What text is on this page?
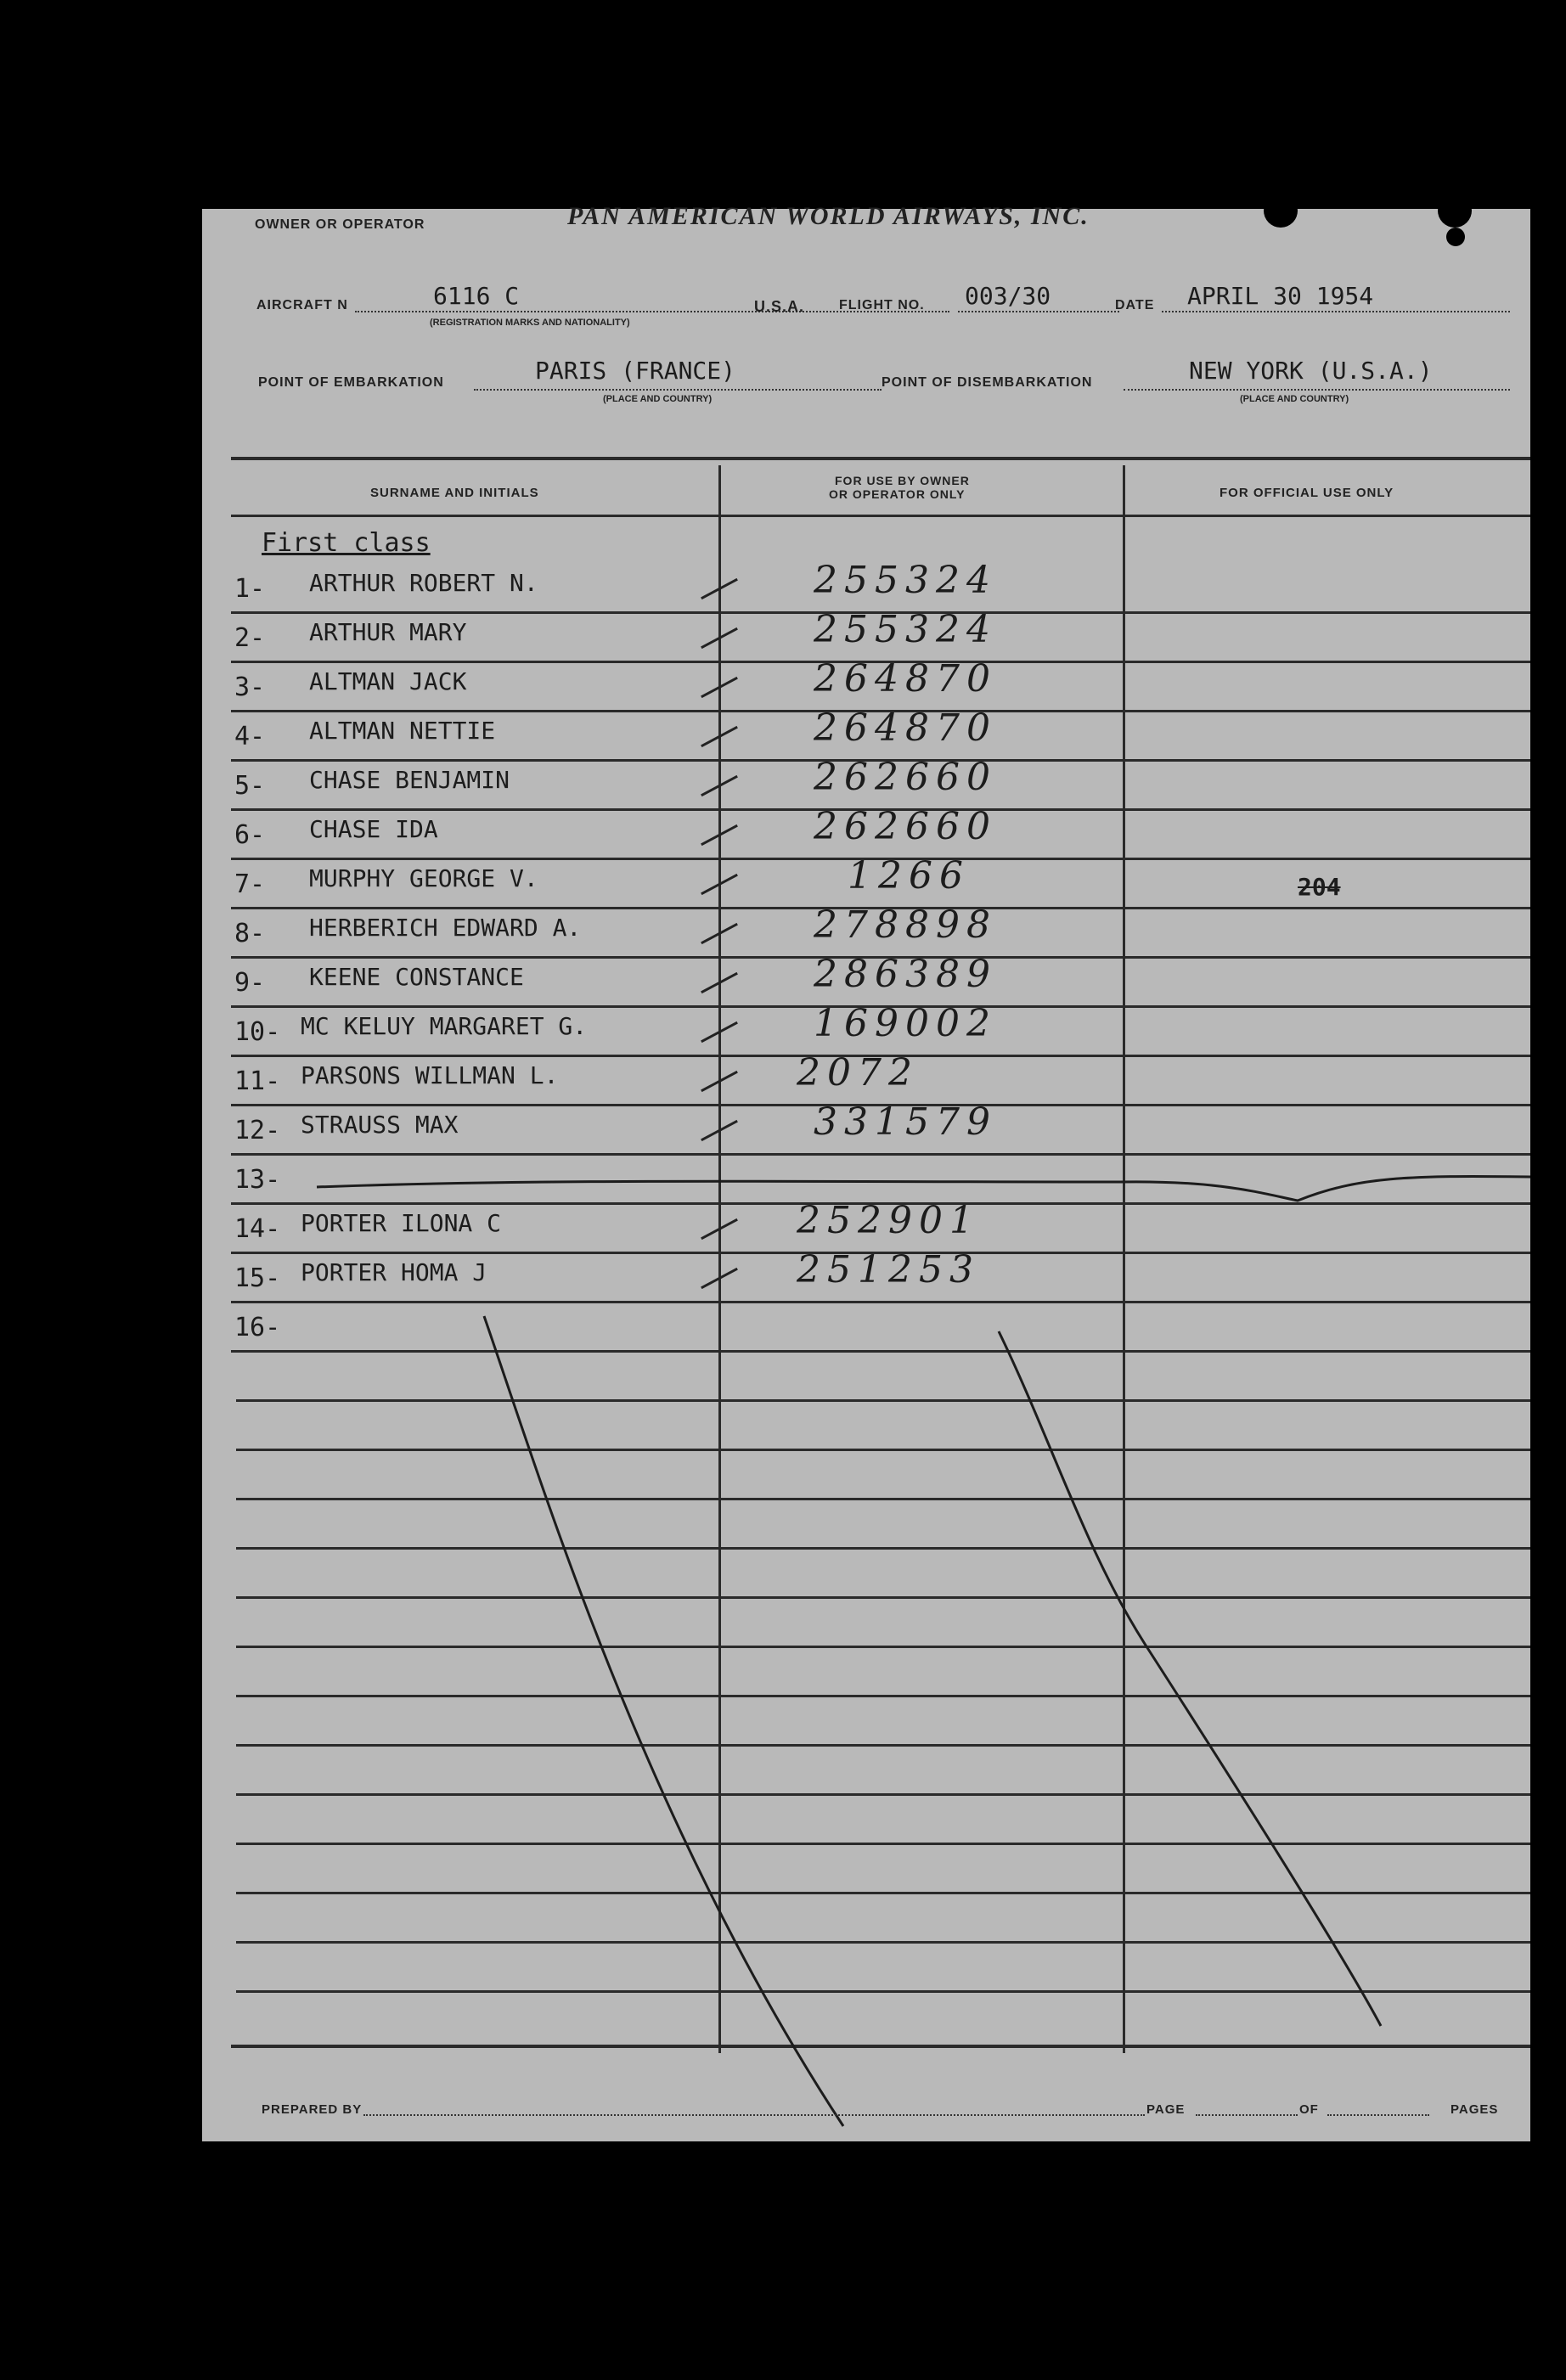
OWNER OR OPERATOR	PAN AMERICAN WORLD AIRWAYS, INC.
AIRCRAFT N	6116 C
(REGISTRATION MARKS AND NATIONALITY)
U.S.A.	FLIGHT NO. 003/30	DATE APRIL 30 1954
POINT OF EMBARKATION	PARIS (FRANCE)
(PLACE AND COUNTRY)
POINT OF DISEMBARKATION	NEW YORK (U.S.A.)
(PLACE AND COUNTRY)
SURNAME AND INITIALS
FOR USE BY OWNER
OR OPERATOR ONLY	FOR OFFICIAL USE ONLY
First class
1- ARTHUR ROBERT N.	255324
2- ARTHUR MARY	255324
3- ALTMAN JACK	264870
4- ALTMAN NETTIE	264870
5- CHASE BENJAMIN	262660
6- CHASE IDA	262660
7- MURPHY GEORGE V.	1266	204
8- HERBERICH EDWARD A.	278898
9- KEENE CONSTANCE	286389
10- MC KELUY MARGARET G.	169002
11- PARSONS WILLMAN L.	2072
12- STRAUSS MAX	331579
13-
14- PORTER ILONA C	252901
15- PORTER HOMA J	251253
16-
PREPARED BY	PAGE	OF	PAGES
